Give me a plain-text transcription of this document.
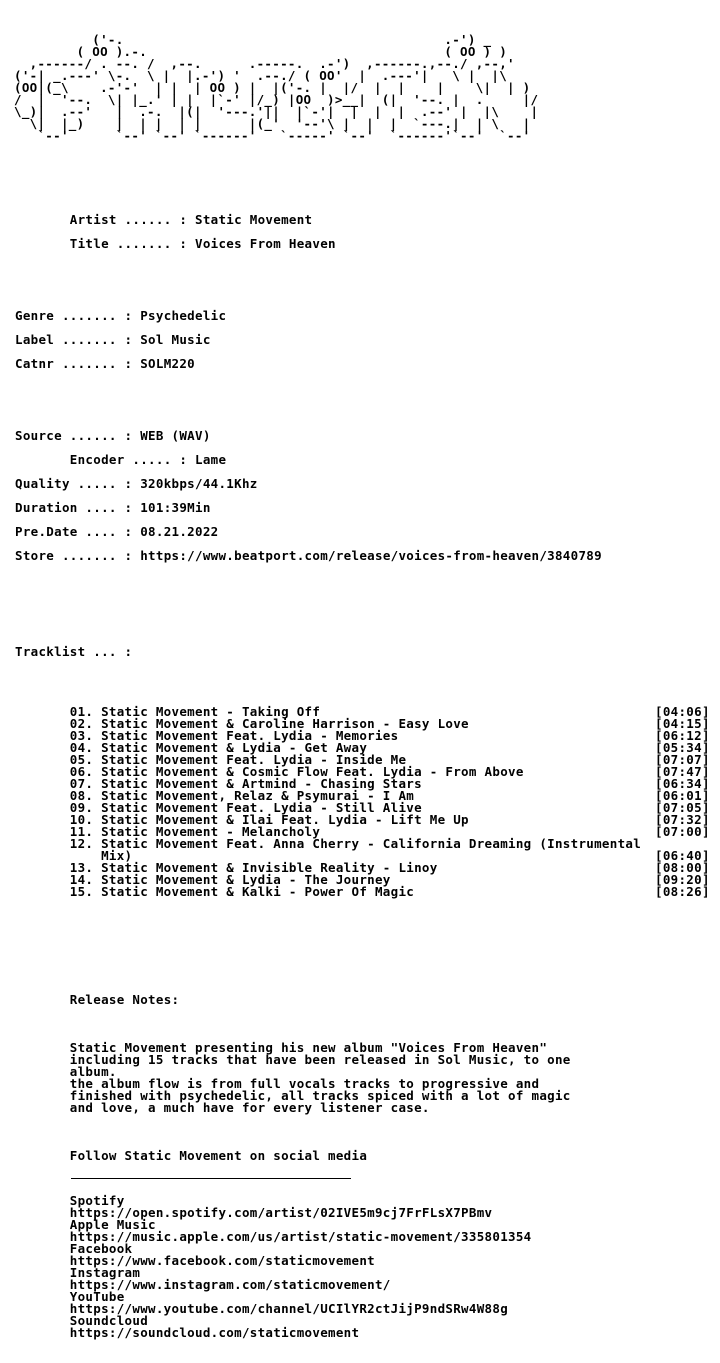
('-.                                         .-') _
( OO ).-.                                      ( OO ) )
,------/ . --. /  ,--.      .-----.  .-')  ,------.,--./ ,--,'
('-| _.---' \-.  \ |  |.-') '  .--./ ( OO'  |  .---'|   \ |  |\
(OO|(_\    .-'-'  | |  | OO ) |  |('-. |  |/  |  |    |    \|  | )
/  |  '--.  \| |_.' | |  |`-' |/_) |OO  )>__|  (|  '--. |  .     |/
\_)|  .--'   |  .-.  |(|  '---.'||  |`-'|  |  |  |  .--' |  |\    |
\|  |_)    |  | |  | |      |(_'  '--'\ |  |  |  `---.|  | \   |
`--'      `--' `--' `------'   `-----' `--'  `------'`--'  `--'

Artist ...... : Static Movement

Title ....... : Voices From Heaven

Genre ....... : Psychedelic

Label ....... : Sol Music

Catnr ....... : SOLM220

Source ...... : WEB (WAV)

Encoder ..... : Lame

Quality ..... : 320kbps/44.1Khz

Duration .... : 101:39Min

Pre.Date .... : 08.21.2022

Store ....... : https://www.beatport.com/release/voices-from-heaven/3840789

Tracklist ... :

01. Static Movement - Taking Off	[04:06]
02. Static Movement & Caroline Harrison - Easy Love	[04:15]
03. Static Movement Feat. Lydia - Memories	[06:12]
04. Static Movement & Lydia - Get Away	[05:34]
05. Static Movement Feat. Lydia - Inside Me	[07:07]
06. Static Movement & Cosmic Flow Feat. Lydia - From Above	[07:47]
07. Static Movement & Artmind - Chasing Stars	[06:34]
08. Static Movement, Relaz & Psymurai - I Am	[06:01]
09. Static Movement Feat. Lydia - Still Alive	[07:05]
10. Static Movement & Ilai Feat. Lydia - Lift Me Up	[07:32]
11. Static Movement - Melancholy	[07:00]
12. Static Movement Feat. Anna Cherry - California Dreaming (Instrumental
Mix)	[06:40]
13. Static Movement & Invisible Reality - Linoy	[08:00]
14. Static Movement & Lydia - The Journey	[09:20]
15. Static Movement & Kalki - Power Of Magic	[08:26]

Release Notes:

Static Movement presenting his new album "Voices From Heaven"
including 15 tracks that have been released in Sol Music, to one
album.
the album flow is from full vocals tracks to progressive and
finished with psychedelic, all tracks spiced with a lot of magic
and love, a much have for every listener case.

Follow Static Movement on social media

Spotify
https://open.spotify.com/artist/02IVE5m9cj7FrFLsX7PBmv
Apple Music
https://music.apple.com/us/artist/static-movement/335801354
Facebook
https://www.facebook.com/staticmovement
Instagram
https://www.instagram.com/staticmovement/
YouTube
https://www.youtube.com/channel/UCIlYR2ctJijP9ndSRw4W88g
Soundcloud
https://soundcloud.com/staticmovement
